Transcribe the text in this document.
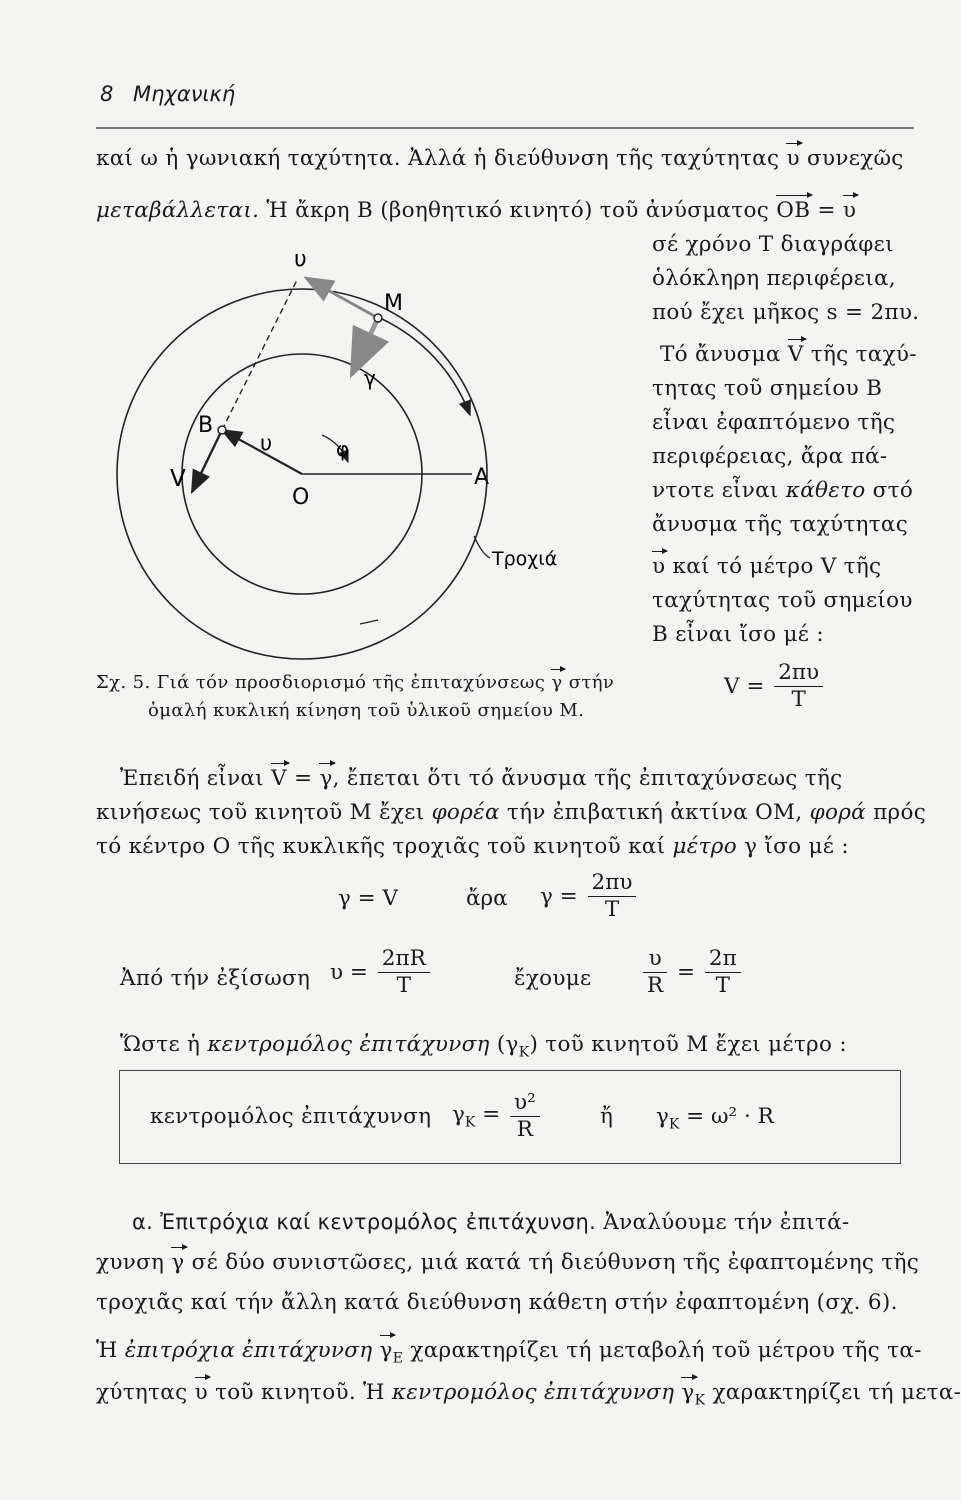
8 Μηχανική
καί ω ἡ γωνιακή ταχύτητα. Ἀλλά ἡ διεύθυνση τῆς ταχύτητας υ συνεχῶς
μεταβάλλεται. Ἡ ἄκρη Β (βοηθητικό κινητό) τοῦ ἀνύσματος OB = υ
υ
M
γ
B
υ	φ
V
O
A
Τροχιά
σέ χρόνο Τ διαγράφει
ὁλόκληρη περιφέρεια,
πού ἔχει μῆκος s = 2πυ.
Τό ἄνυσμα V τῆς ταχύ-
τητας τοῦ σημείου Β
εἶναι ἐφαπτόμενο τῆς
περιφέρειας, ἄρα πά-
ντοτε εἶναι κάθετο στό
ἄνυσμα τῆς ταχύτητας
υ καί τό μέτρο V τῆς
ταχύτητας τοῦ σημείου
Β εἶναι ἴσο μέ :
$V = \frac{2\pi\upsilon}{T}$
Σχ. 5. Γιά τόν προσδιορισμό τῆς ἐπιταχύνσεως γ στήν
ὁμαλή κυκλική κίνηση τοῦ ὑλικοῦ σημείου Μ.
Ἐπειδή εἶναι V = γ, ἔπεται ὅτι τό ἄνυσμα τῆς ἐπιταχύνσεως τῆς
κινήσεως τοῦ κινητοῦ Μ ἔχει φορέα τήν ἐπιβατική ἀκτίνα ΟΜ, φορά πρός
τό κέντρο Ο τῆς κυκλικῆς τροχιᾶς τοῦ κινητοῦ καί μέτρο γ ἴσο μέ :
γ = V	ἄρα $\gamma = \frac{2\pi\upsilon}{T}$
Ἀπό τήν ἐξίσωση $\upsilon = \frac{2\pi R}{T}$	ἔχουμε $\frac{\upsilon}{R} = \frac{2\pi}{T}$
Ὥστε ἡ κεντρομόλος ἐπιτάχυνση $(\gamma_K)$ τοῦ κινητοῦ Μ ἔχει μέτρο :
κεντρομόλος ἐπιτάχυνση $\gamma_K = \frac{\text{υ²}}{R}$	ἤ $\gamma_K = \omega^2 \cdot R$
α. Ἐπιτρόχια καί κεντρομόλος ἐπιτάχυνση. Ἀναλύουμε τήν ἐπιτά-
χυνση γ σέ δύο συνιστῶσες, μιά κατά τή διεύθυνση τῆς ἐφαπτομένης τῆς
τροχιᾶς καί τήν ἄλλη κατά διεύθυνση κάθετη στήν ἐφαπτομένη (σχ. 6).
Ἡ ἐπιτρόχια ἐπιτάχυνση $\gamma_E$ χαρακτηρίζει τή μεταβολή τοῦ μέτρου τῆς τα-
χύτητας υ τοῦ κινητοῦ. Ἡ κεντρομόλος ἐπιτάχυνση $\gamma_K$ χαρακτηρίζει τή μετα-
